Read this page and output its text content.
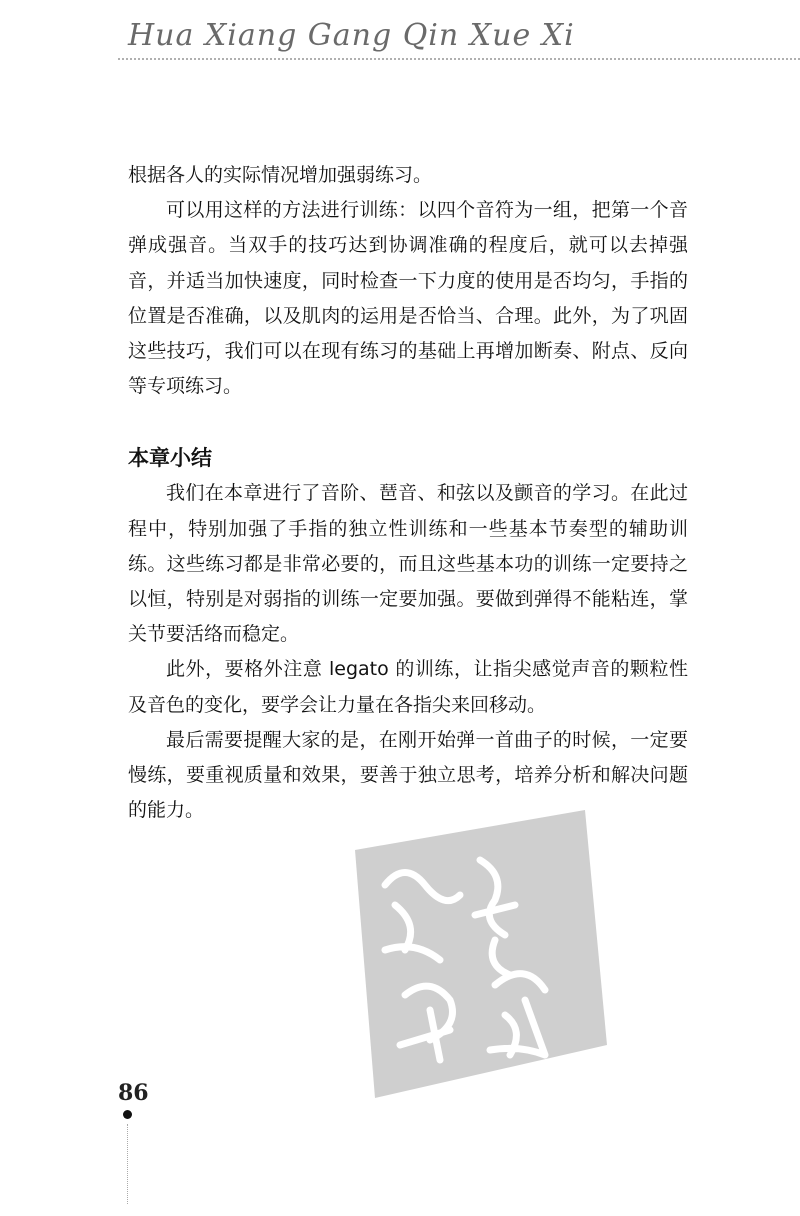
Hua Xiang Gang Qin Xue Xi

根据各人的实际情况增加强弱练习。

可以用这样的方法进行训练：以四个音符为一组，把第一个音弹成强音。当双手的技巧达到协调准确的程度后，就可以去掉强音，并适当加快速度，同时检查一下力度的使用是否均匀，手指的位置是否准确，以及肌肉的运用是否恰当、合理。此外，为了巩固这些技巧，我们可以在现有练习的基础上再增加断奏、附点、反向等专项练习。

本章小结

我们在本章进行了音阶、琶音、和弦以及颤音的学习。在此过程中，特别加强了手指的独立性训练和一些基本节奏型的辅助训练。这些练习都是非常必要的，而且这些基本功的训练一定要持之以恒，特别是对弱指的训练一定要加强。要做到弹得不能粘连，掌关节要活络而稳定。

此外，要格外注意 legato 的训练，让指尖感觉声音的颗粒性及音色的变化，要学会让力量在各指尖来回移动。

最后需要提醒大家的是，在刚开始弹一首曲子的时候，一定要慢练，要重视质量和效果，要善于独立思考，培养分析和解决问题的能力。

86
